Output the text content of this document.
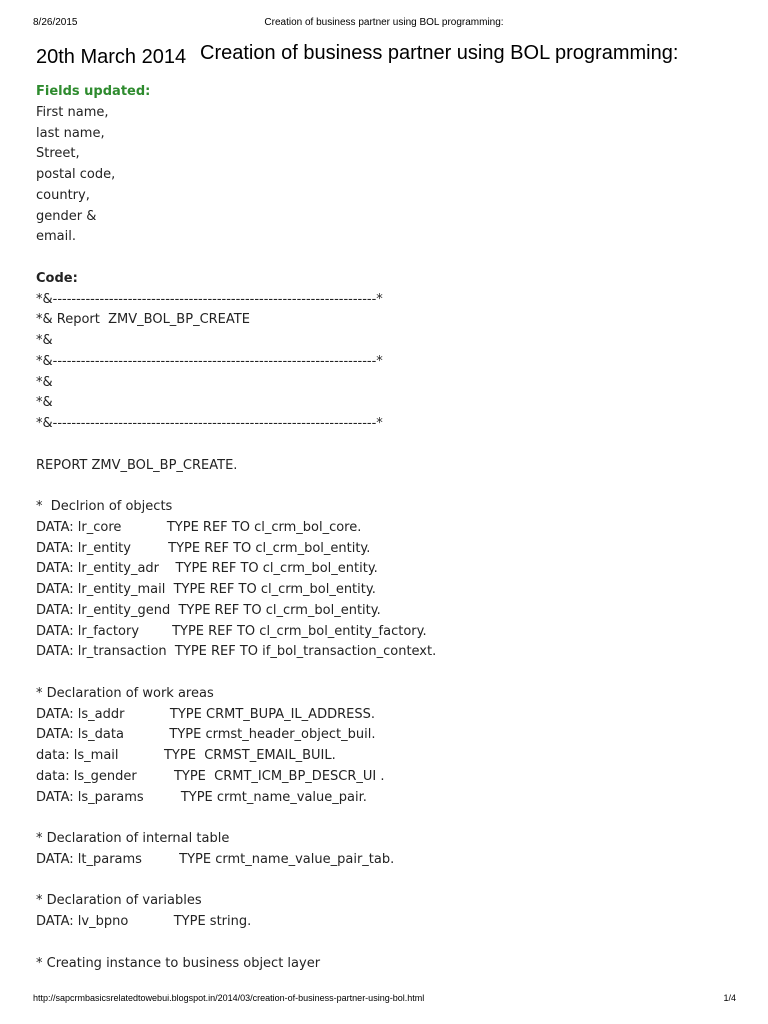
8/26/2015	Creation of business partner using BOL programming:
20th March 2014 Creation of business partner using BOL programming:
Fields updated:
First name,
last name,
Street,
postal code,
country,
gender &
email.
Code:
*&---------------------------------------------------------------------*
*& Report  ZMV_BOL_BP_CREATE
*&
*&---------------------------------------------------------------------*
*&
*&
*&---------------------------------------------------------------------*
REPORT ZMV_BOL_BP_CREATE.
*  Declrion of objects
DATA: lr_core           TYPE REF TO cl_crm_bol_core.
DATA: lr_entity         TYPE REF TO cl_crm_bol_entity.
DATA: lr_entity_adr    TYPE REF TO cl_crm_bol_entity.
DATA: lr_entity_mail  TYPE REF TO cl_crm_bol_entity.
DATA: lr_entity_gend  TYPE REF TO cl_crm_bol_entity.
DATA: lr_factory        TYPE REF TO cl_crm_bol_entity_factory.
DATA: lr_transaction  TYPE REF TO if_bol_transaction_context.
* Declaration of work areas
DATA: ls_addr           TYPE CRMT_BUPA_IL_ADDRESS.
DATA: ls_data           TYPE crmst_header_object_buil.
data: ls_mail           TYPE  CRMST_EMAIL_BUIL.
data: ls_gender         TYPE  CRMT_ICM_BP_DESCR_UI .
DATA: ls_params         TYPE crmt_name_value_pair.
* Declaration of internal table
DATA: lt_params         TYPE crmt_name_value_pair_tab.
* Declaration of variables
DATA: lv_bpno           TYPE string.
* Creating instance to business object layer
http://sapcrmbasicsrelatedtowebui.blogspot.in/2014/03/creation-of-business-partner-using-bol.html	1/4
